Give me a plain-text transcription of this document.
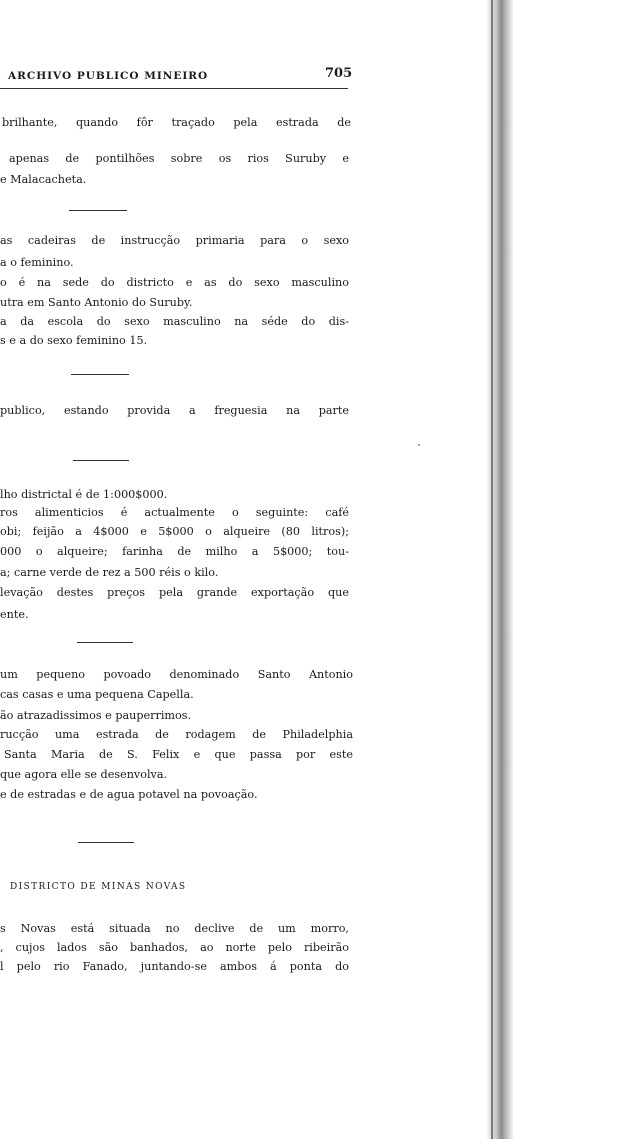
ARCHIVO PUBLICO MINEIRO	705
brilhante, quando fôr traçado pela estrada de
apenas de pontilhões sobre os rios Suruby e
e Malacacheta.
as cadeiras de instrucção primaria para o sexo
a o feminino.
o é na sede do districto e as do sexo masculino
utra em Santo Antonio do Suruby.
a da escola do sexo masculino na séde do dis-
s e a do sexo feminino 15.
publico, estando provida a freguesia na parte
lho districtal é de 1:000$000.
ros alimenticios é actualmente o seguinte: café
obi; feijão a 4$000 e 5$000 o alqueire (80 litros);
000 o alqueire; farinha de milho a 5$000; tou-
a; carne verde de rez a 500 réis o kilo.
levação destes preços pela grande exportação que
ente.
um pequeno povoado denominado Santo Antonio
cas casas e uma pequena Capella.
ão atrazadissimos e pauperrimos.
rucção uma estrada de rodagem de Philadelphia
Santa Maria de S. Felix e que passa por este
que agora elle se desenvolva.
e de estradas e de agua potavel na povoação.
DISTRICTO DE MINAS NOVAS
s Novas está situada no declive de um morro,
, cujos lados são banhados, ao norte pelo ribeirão
l pelo rio Fanado, juntando-se ambos á ponta do
